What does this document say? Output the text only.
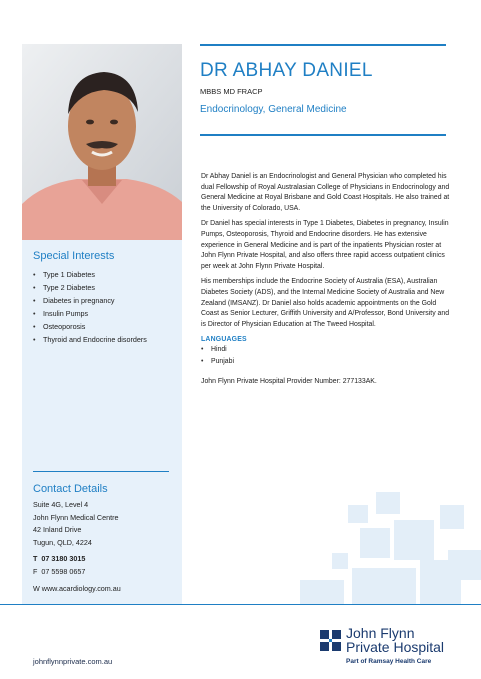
Special Interests
• Type 1 Diabetes
• Type 2 Diabetes
• Diabetes in pregnancy
• Insulin Pumps
• Osteoporosis
• Thyroid and Endocrine disorders
Contact Details
Suite 4G, Level 4
John Flynn Medical Centre
42 Inland Drive
Tugun, QLD, 4224
T 07 3180 3015
F 07 5598 0657
W www.acardiology.com.au
DR ABHAY DANIEL
MBBS MD FRACP
Endocrinology, General Medicine

Dr Abhay Daniel is an Endocrinologist and General Physician who completed his dual Fellowship of Royal Australasian College of Physicians in Endocrinology and General Medicine at Royal Brisbane and Gold Coast Hospitals. He also trained at the University of Colorado, USA.

Dr Daniel has special interests in Type 1 Diabetes, Diabetes in pregnancy, Insulin Pumps, Osteoporosis, Thyroid and Endocrine disorders. He has extensive experience in General Medicine and is part of the inpatients Physician roster at John Flynn Private Hospital, and also offers three rapid access outpatient clinics per week at John Flynn Private Hospital.

His memberships include the Endocrine Society of Australia (ESA), Australian Diabetes Society (ADS), and the Internal Medicine Society of Australia and New Zealand (IMSANZ). Dr Daniel also holds academic appointments on the Gold Coast as Senior Lecturer, Griffith University and A/Professor, Bond University and is Director of Physician Education at The Tweed Hospital.

LANGUAGES
• Hindi
• Punjabi
John Flynn Private Hospital Provider Number: 277133AK.
johnflynnprivate.com.au
John Flynn
Private Hospital
Part of Ramsay Health Care
